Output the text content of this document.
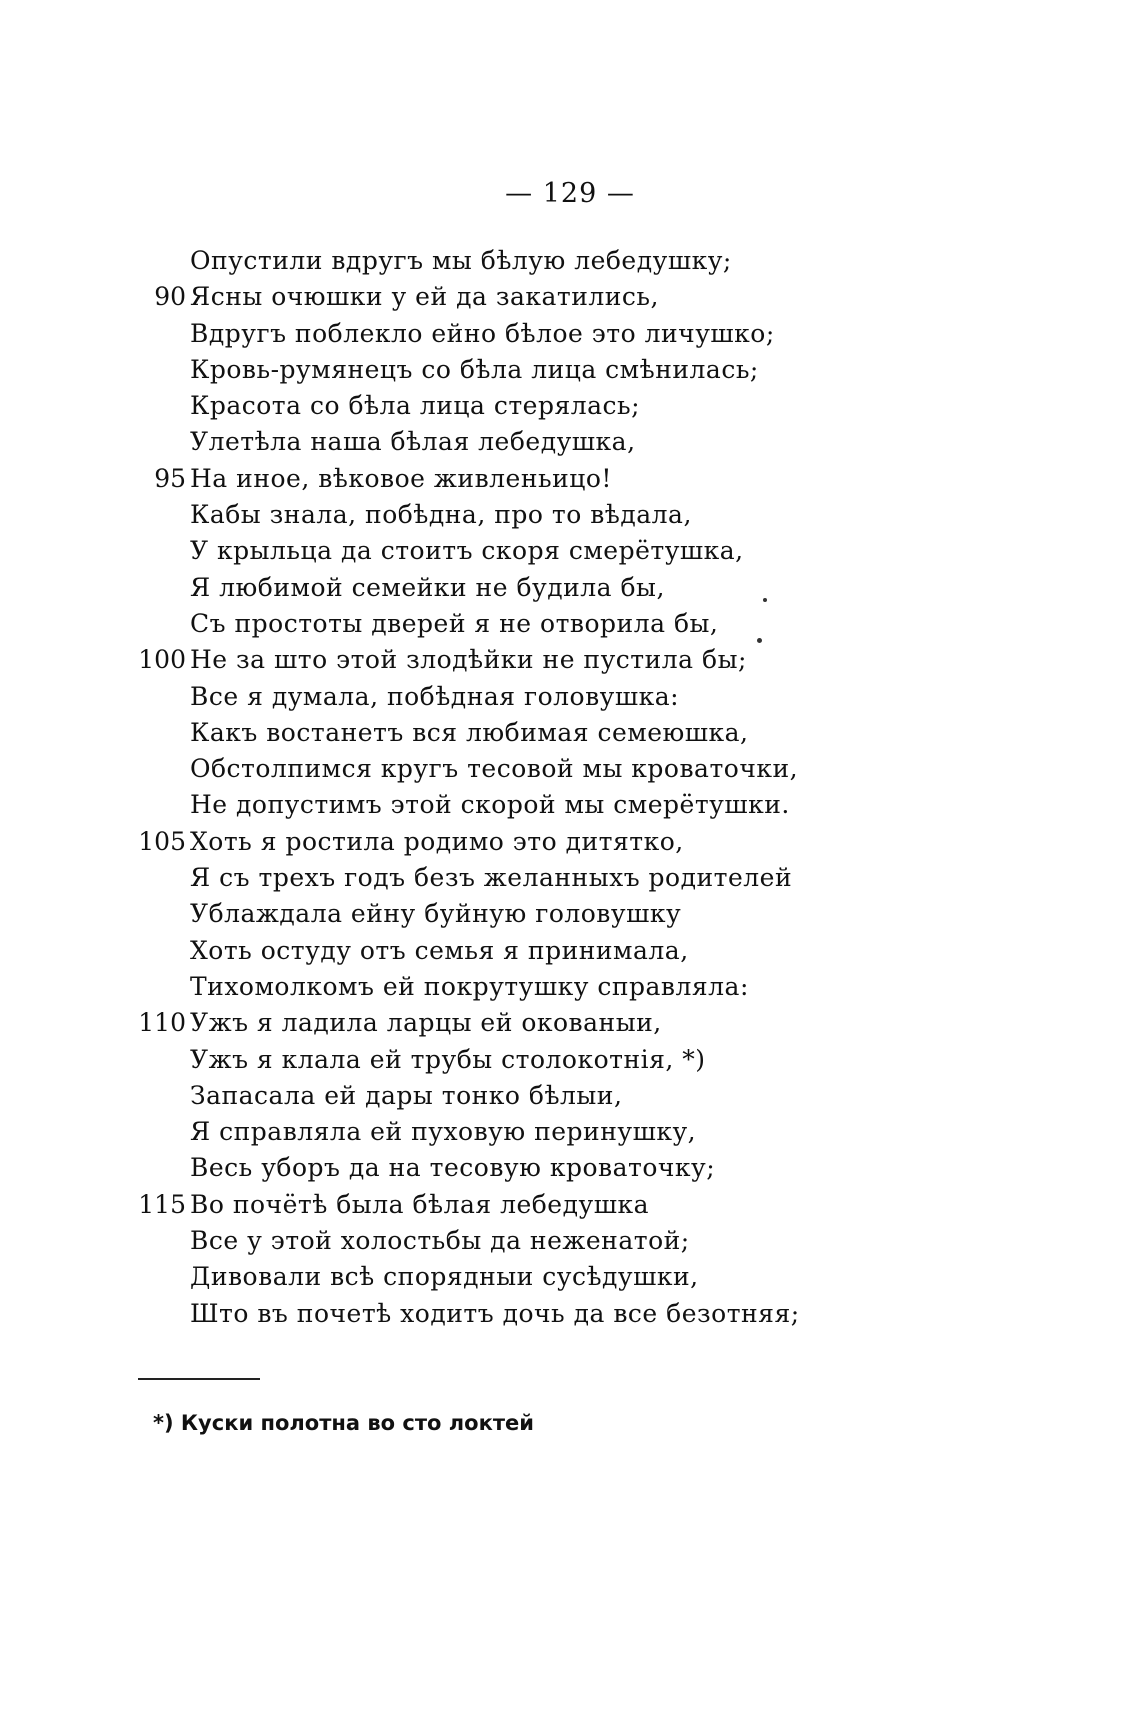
— 129 —
Опустили вдругъ мы бѣлую лебедушку;
90 Ясны очюшки у ей да закатились,
Вдругъ поблекло ейно бѣлое это личушко;
Кровь-румянецъ со бѣла лица смѣнилась;
Красота со бѣла лица стерялась;
Улетѣла наша бѣлая лебедушка,
95 На иное, вѣковое живленьицо!
Кабы знала, побѣдна, про то вѣдала,
У крыльца да стоитъ скоря смерётушка,
Я любимой семейки не будила бы,
Съ простоты дверей я не отворила бы,
100 Не за што этой злодѣйки не пустила бы;
Все я думала, побѣдная головушка:
Какъ востанетъ вся любимая семеюшка,
Обстолпимся кругъ тесовой мы кроваточки,
Не допустимъ этой скорой мы смерётушки.
105 Хоть я ростила родимо это дитятко,
Я съ трехъ годъ безъ желанныхъ родителей
Ублаждала ейну буйную головушку
Хоть остуду отъ семья я принимала,
Тихомолкомъ ей покрутушку справляла:
110 Ужъ я ладила ларцы ей окованыи,
Ужъ я клала ей трубы столокотнія, *)
Запасала ей дары тонко бѣлыи,
Я справляла ей пуховую перинушку,
Весь уборъ да на тесовую кроваточку;
115 Во почётѣ была бѣлая лебедушка
Все у этой холостьбы да неженатой;
Дивовали всѣ спорядныи сусѣдушки,
Што въ почетѣ ходитъ дочь да все безотняя;
*) Куски полотна во сто локтей
